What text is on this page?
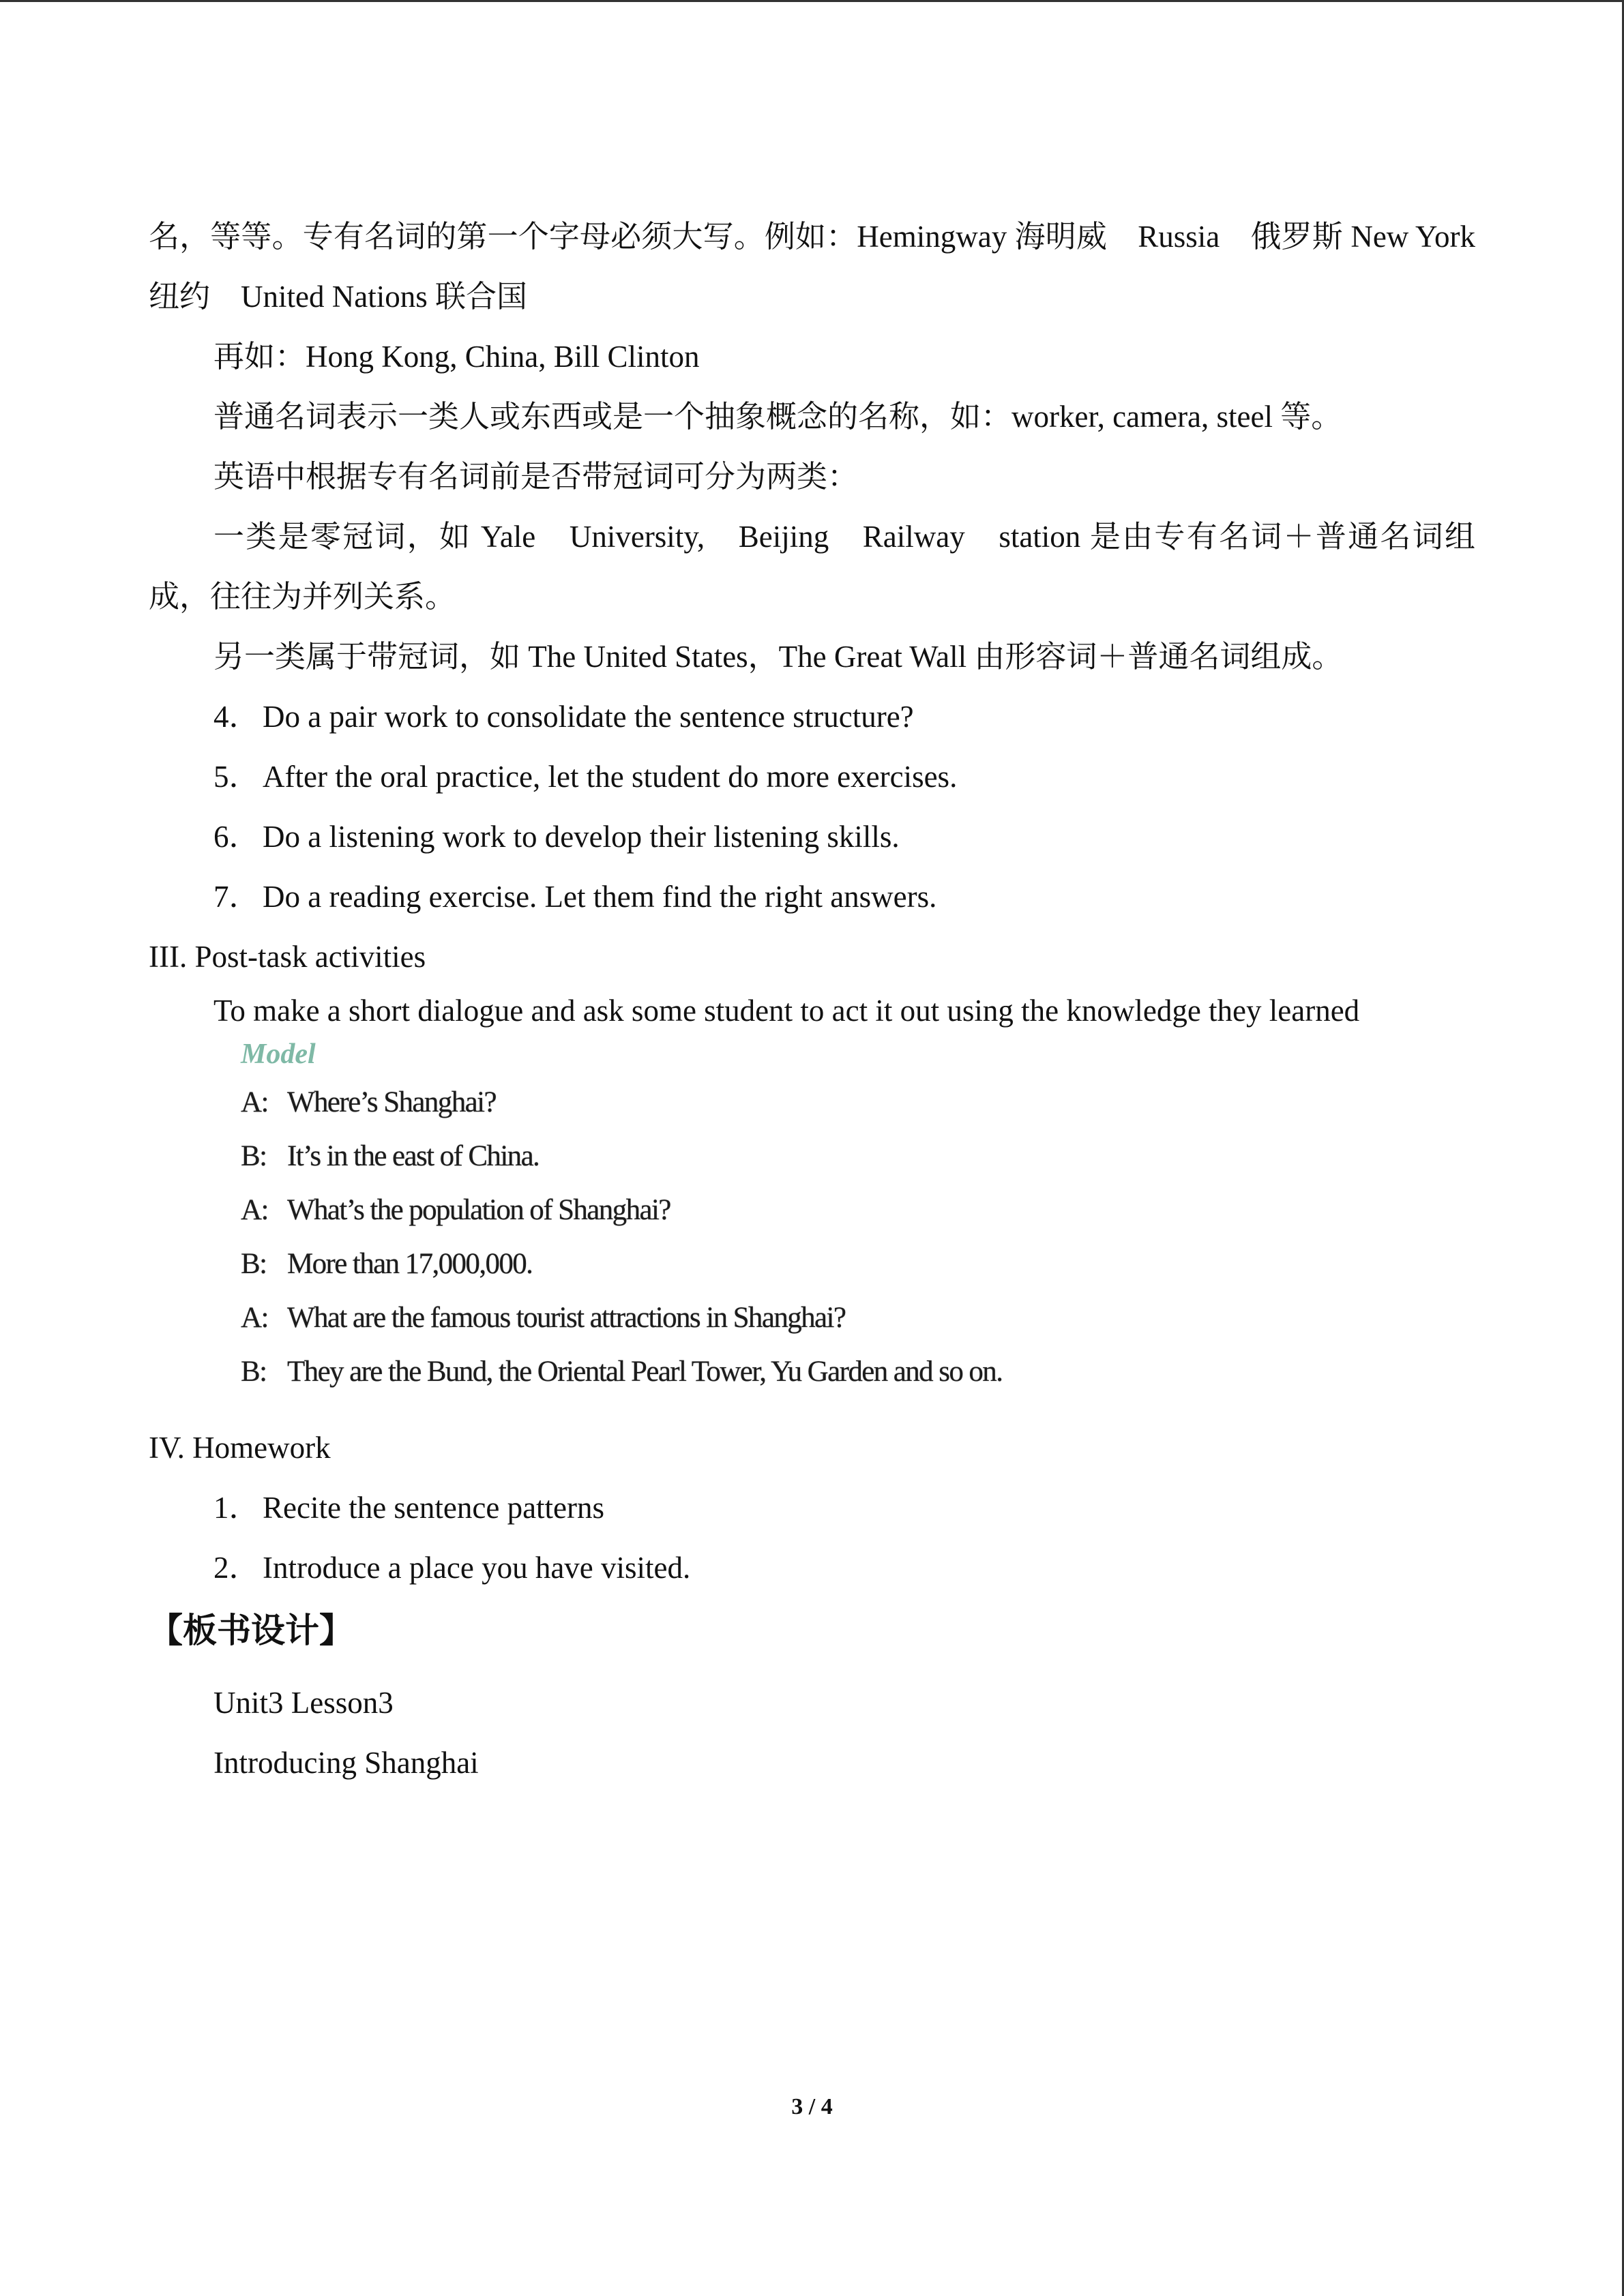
名，等等。专有名词的第一个字母必须大写。例如：Hemingway 海明威　Russia　俄罗斯 New York　纽约　United Nations 联合国

再如：Hong Kong, China, Bill Clinton

普通名词表示一类人或东西或是一个抽象概念的名称，如：worker, camera, steel 等。

英语中根据专有名词前是否带冠词可分为两类：

一类是零冠词，如 Yale　University,　Beijing　Railway　station 是由专有名词＋普通名词组成，往往为并列关系。

另一类属于带冠词，如 The United States，The Great Wall 由形容词＋普通名词组成。

4．Do a pair work to consolidate the sentence structure?

5．After the oral practice, let the student do more exercises.

6．Do a listening work to develop their listening skills.

7．Do a reading exercise. Let them find the right answers.

III. Post-task activities

To make a short dialogue and ask some student to act it out using the knowledge they learned

Model
A: Where’s Shanghai?
B: It’s in the east of China.
A: What’s the population of Shanghai?
B: More than 17,000,000.
A: What are the famous tourist attractions in Shanghai?
B: They are the Bund, the Oriental Pearl Tower, Yu Garden and so on.

IV. Homework

1．Recite the sentence patterns

2．Introduce a place you have visited.

【板书设计】

Unit3 Lesson3

Introducing Shanghai

3 / 4
